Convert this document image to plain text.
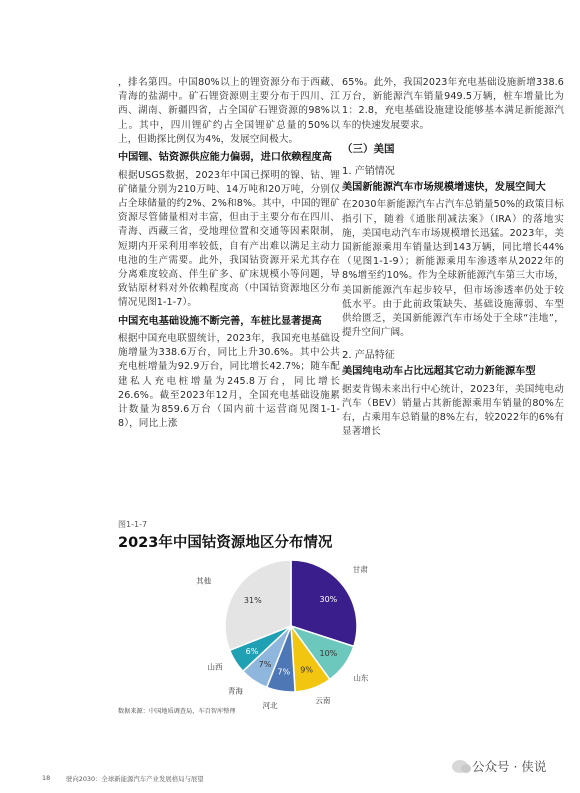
，排名第四。中国80%以上的锂资源分布于西藏、青海的盐湖中。矿石锂资源则主要分布于四川、江西、湖南、新疆四省，占全国矿石锂资源的98%以上。其中，四川锂矿约占全国锂矿总量的50%以上，但勘探比例仅为4%，发展空间极大。

中国锂、钴资源供应能力偏弱，进口依赖程度高

根据USGS数据，2023年中国已探明的镍、钴、锂矿储量分别为210万吨、14万吨和20万吨，分别仅占全球储量的约2%、2%和8%。其中，中国的锂矿资源尽管储量相对丰富，但由于主要分布在四川、青海、西藏三省，受地理位置和交通等因素限制，短期内开采利用率较低，自有产出难以满足主动力电池的生产需要。此外，我国钴资源开采尤其存在分离难度较高、伴生矿多、矿床规模小等问题，导致钴原材料对外依赖程度高（中国钴资源地区分布情况见图1-1-7）。

中国充电基础设施不断完善，车桩比显著提高

根据中国充电联盟统计，2023年，我国充电基础设施增量为338.6万台，同比上升30.6%。其中公共充电桩增量为92.9万台，同比增长42.7%；随车配建私人充电桩增量为245.8万台，同比增长26.6%。截至2023年12月，全国充电基础设施累计数量为859.6万台（国内前十运营商见图1-1-8），同比上涨

65%。此外，我国2023年充电基础设施新增338.6万台，新能源汽车销量949.5万辆，桩车增量比为1：2.8，充电基础设施建设能够基本满足新能源汽车的快速发展要求。

（三）美国
1. 产销情况
美国新能源汽车市场规模增速快，发展空间大

在2030年新能源汽车占汽车总销量50%的政策目标指引下，随着《通胀削减法案》（IRA）的落地实施，美国电动汽车市场规模增长迅猛。2023年，美国新能源乘用车销量达到143万辆，同比增长44%（见图1-1-9）；新能源乘用车渗透率从2022年的8%增至约10%。作为全球新能源汽车第三大市场，美国新能源汽车起步较早，但市场渗透率仍处于较低水平。由于此前政策缺失、基础设施薄弱、车型供给匮乏，美国新能源汽车市场处于全球“洼地”，提升空间广阔。

2. 产品特征
美国纯电动车占比远超其它动力新能源车型

据麦肯锡未来出行中心统计，2023年，美国纯电动汽车（BEV）销量占其新能源乘用车销量的80%左右，占乘用车总销量的8%左右，较2022年的6%有显著增长

图1-1-7
2023年中国钴资源地区分布情况
30%
甘肃
10%
山东
9%
云南
7%
河北
7%
青海
6%
山西
31%
其他
数据来源：中国地质调查局，车百智库整理
18 驶向2030：全球新能源汽车产业发展格局与展望
公众号 · 侠说
